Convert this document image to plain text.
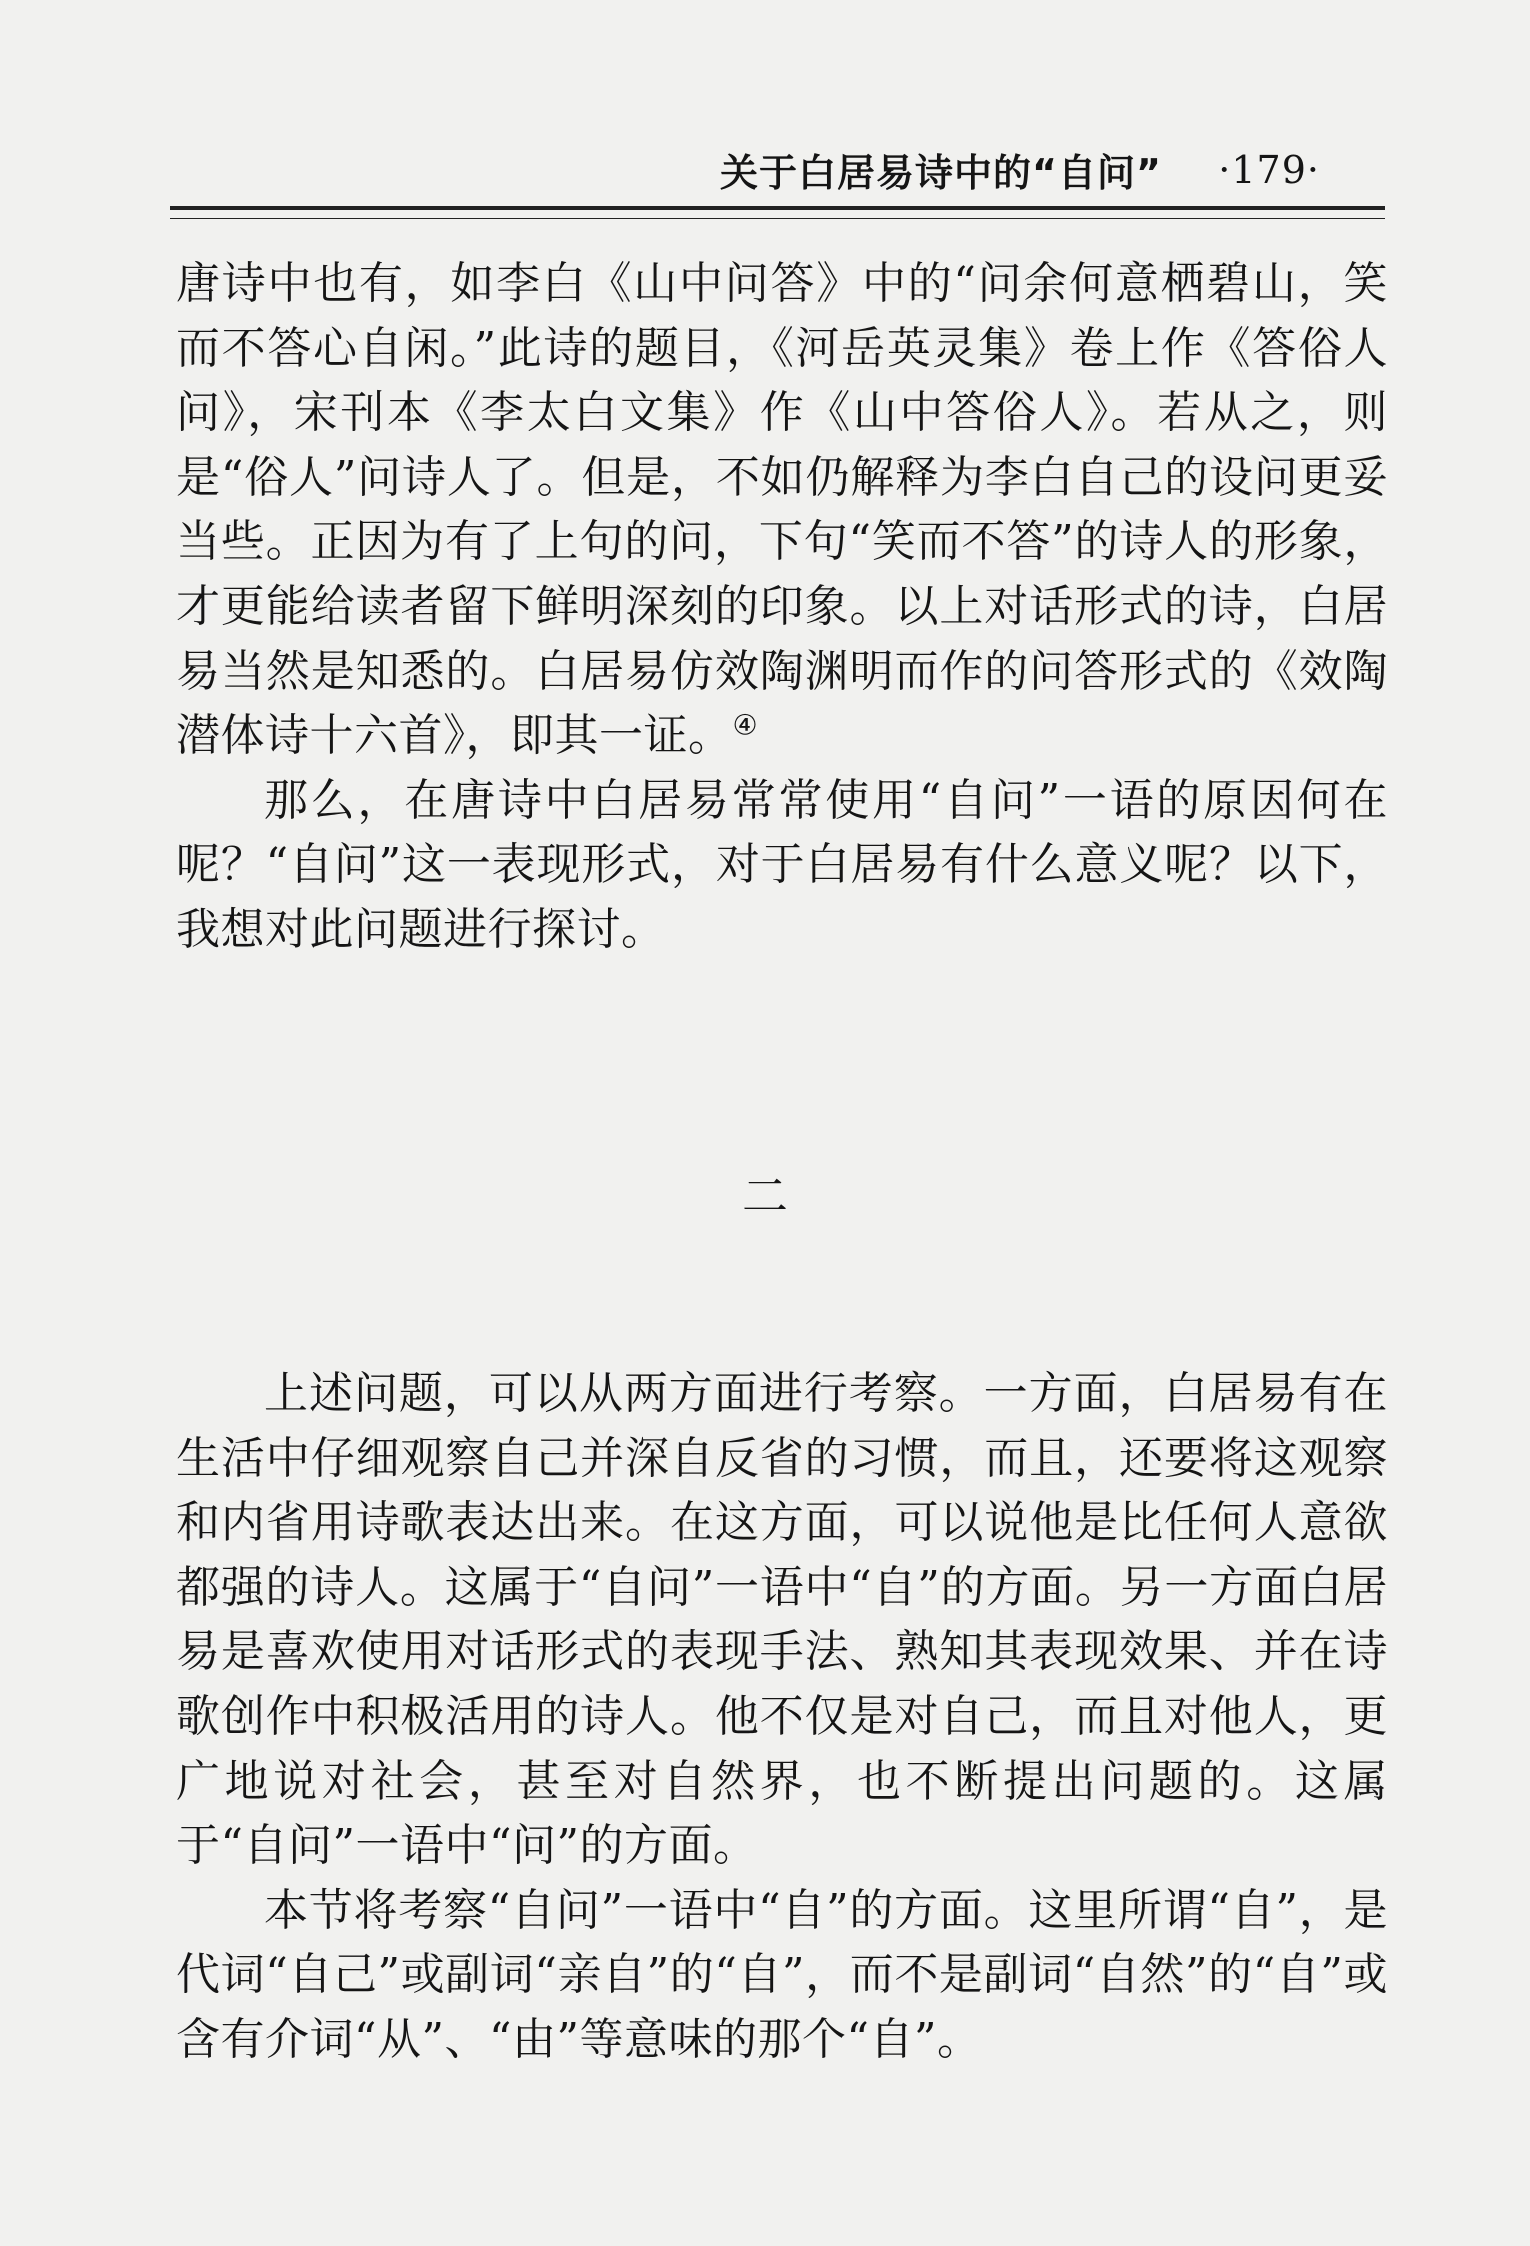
关于白居易诗中的“自问” ·179·

唐诗中也有，如李白《山中问答》中的“问余何意栖碧山，笑而不答心自闲。”此诗的题目，《河岳英灵集》卷上作《答俗人问》，宋刊本《李太白文集》作《山中答俗人》。若从之，则是“俗人”问诗人了。但是，不如仍解释为李白自己的设问更妥当些。正因为有了上句的问，下句“笑而不答”的诗人的形象，才更能给读者留下鲜明深刻的印象。以上对话形式的诗，白居易当然是知悉的。白居易仿效陶渊明而作的问答形式的《效陶潜体诗十六首》，即其一证。④

那么，在唐诗中白居易常常使用“自问”一语的原因何在呢？“自问”这一表现形式，对于白居易有什么意义呢？以下，我想对此问题进行探讨。

二

上述问题，可以从两方面进行考察。一方面，白居易有在生活中仔细观察自己并深自反省的习惯，而且，还要将这观察和内省用诗歌表达出来。在这方面，可以说他是比任何人意欲都强的诗人。这属于“自问”一语中“自”的方面。另一方面白居易是喜欢使用对话形式的表现手法、熟知其表现效果、并在诗歌创作中积极活用的诗人。他不仅是对自己，而且对他人，更广地说对社会，甚至对自然界，也不断提出问题的。这属于“自问”一语中“问”的方面。

本节将考察“自问”一语中“自”的方面。这里所谓“自”，是代词“自己”或副词“亲自”的“自”，而不是副词“自然”的“自”或含有介词“从”、“由”等意味的那个“自”。
